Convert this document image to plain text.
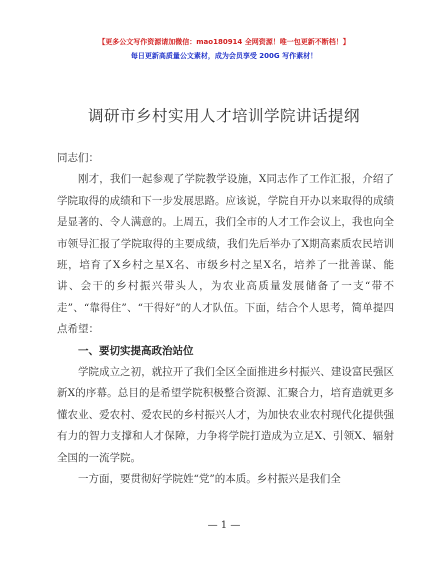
【更多公文写作资源请加微信：mao180914 全网资源！唯一包更新不断档！】
每日更新高质量公文素材，成为会员享受 200G 写作素材！
调研市乡村实用人才培训学院讲话提纲

同志们：

刚才，我们一起参观了学院教学设施，X同志作了工作汇报，介绍了学院取得的成绩和下一步发展思路。应该说，学院自开办以来取得的成绩是显著的、令人满意的。上周五，我们全市的人才工作会议上，我也向全市领导汇报了学院取得的主要成绩，我们先后举办了X期高素质农民培训班，培育了X乡村之星X名、市级乡村之星X名，培养了一批善谋、能讲、会干的乡村振兴带头人，为农业高质量发展储备了一支“带不走”、“靠得住”、“干得好”的人才队伍。下面，结合个人思考，简单提四点希望：

一、要切实提高政治站位

学院成立之初，就拉开了我们全区全面推进乡村振兴、建设富民强区新X的序幕。总目的是希望学院积极整合资源、汇聚合力，培育造就更多懂农业、爱农村、爱农民的乡村振兴人才，为加快农业农村现代化提供强有力的智力支撑和人才保障，力争将学院打造成为立足X、引领X、辐射全国的一流学院。

一方面，要贯彻好学院姓“党”的本质。乡村振兴是我们全

— 1 —
